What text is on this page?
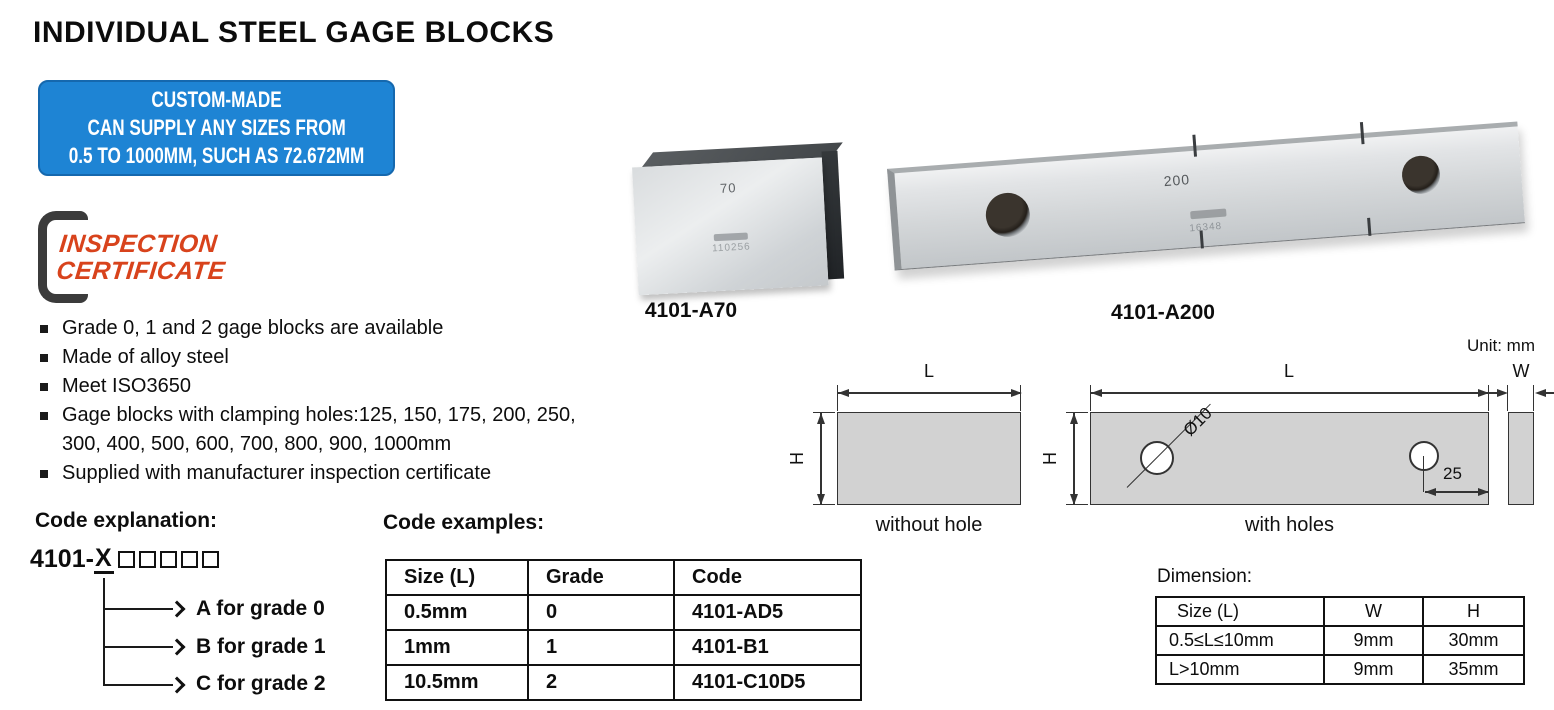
INDIVIDUAL STEEL GAGE BLOCKS
CUSTOM-MADE
CAN SUPPLY ANY SIZES FROM
0.5 TO 1000MM, SUCH AS 72.672MM
INSPECTION
CERTIFICATE
Grade 0, 1 and 2 gage blocks are available
Made of alloy steel
Meet ISO3650
Gage blocks with clamping holes:125, 150, 175, 200, 250, 300, 400, 500, 600, 700, 800, 900, 1000mm
Supplied with manufacturer inspection certificate
70
110256
4101-A70
200
16348
4101-A200
Unit: mm
L
H
without hole
L
H
Ø10
25
with holes
W
Code explanation:
4101- X
A for grade 0
B for grade 1
C for grade 2
Code examples:
Size (L)	Grade	Code
0.5mm	0	4101-AD5
1mm	1	4101-B1
10.5mm	2	4101-C10D5
Dimension:
Size (L)	W	H
0.5≤L≤10mm	9mm	30mm
L>10mm	9mm	35mm
